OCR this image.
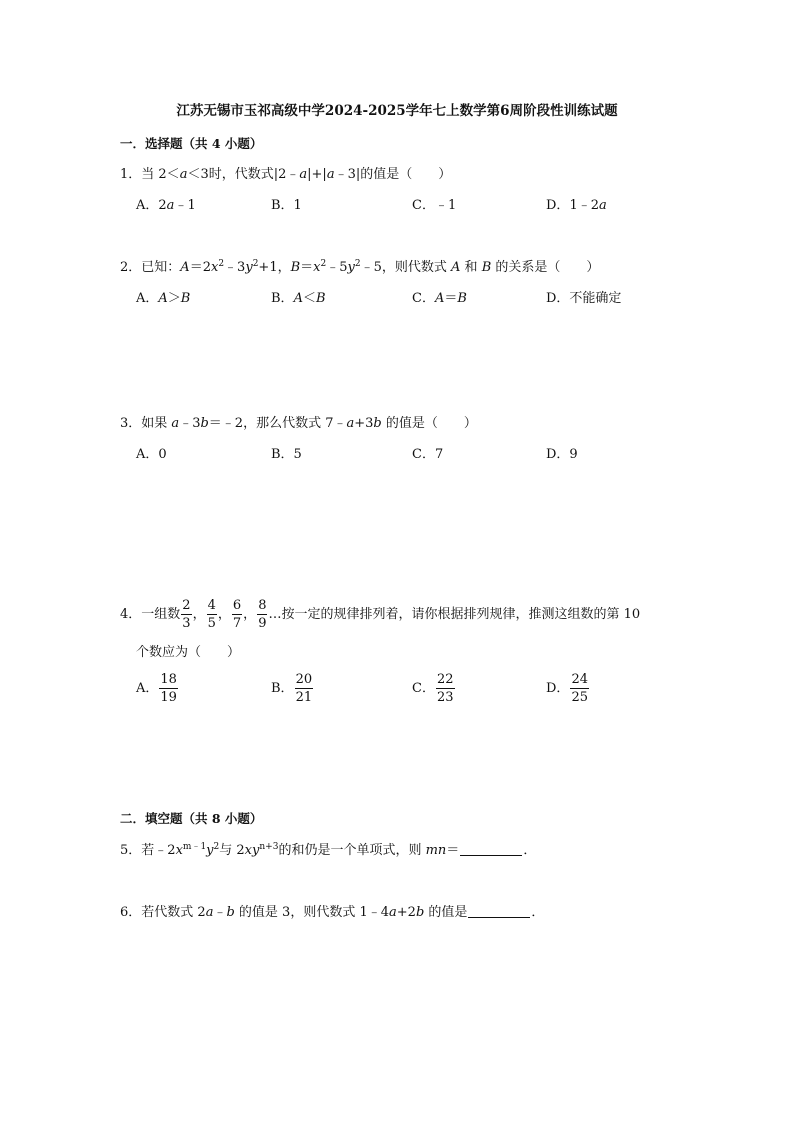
江苏无锡市玉祁高级中学2024-2025学年七上数学第6周阶段性训练试题
一．选择题（共 4 小题）
1．当 2＜a＜3时，代数式|2﹣a|+|a﹣3|的值是（　　）
A．2a﹣1	B．1	C．﹣1	D．1﹣2a
2．已知：$A=2x^2﹣3y^2+1$，$B=x^2﹣5y^2﹣5$，则代数式 A 和 B 的关系是（　　）
A．A＞B	B．A＜B	C．A＝B	D．不能确定
3．如果 a﹣3b＝﹣2，那么代数式 7﹣a+3b 的值是（　　）
A．0	B．5	C．7	D．9
4．一组数 $\frac{2}{3}$ ， $\frac{4}{5}$ ， $\frac{6}{7}$ ， $\frac{8}{9}$ …按一定的规律排列着，请你根据排列规律，推测这组数的第 10
个数应为（　　）
A． $\frac{18}{19}$	B． $\frac{20}{21}$	C． $\frac{22}{23}$	D． $\frac{24}{25}$
二．填空题（共 8 小题）
5．若$﹣2x^{m﹣1}y^2$与 $2xy^{n+3}$的和仍是一个单项式，则 mn＝	．
6．若代数式 2a﹣b 的值是 3，则代数式 1﹣4a+2b 的值是	．
